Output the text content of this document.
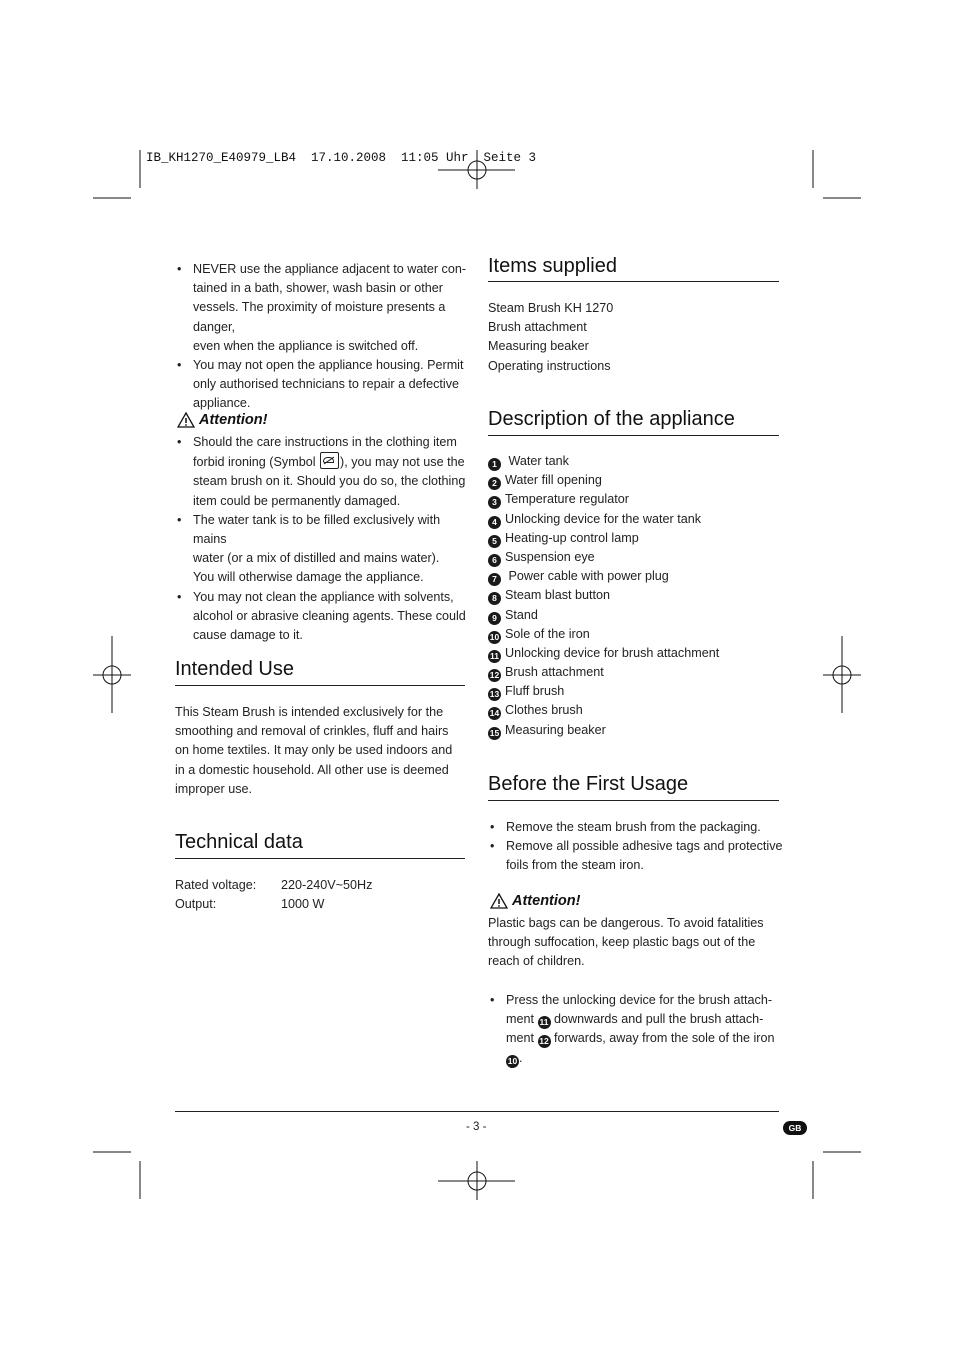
IB_KH1270_E40979_LB4  17.10.2008  11:05 Uhr  Seite 3
• NEVER use the appliance adjacent to water con-
tained in a bath, shower, wash basin or other
vessels. The proximity of moisture presents a danger,
even when the appliance is switched off.
• You may not open the appliance housing. Permit
only authorised technicians to repair a defective
appliance.
Attention!
• Should the care instructions in the clothing item
forbid ironing (Symbol ), you may not use the
steam brush on it. Should you do so, the clothing
item could be permanently damaged.
• The water tank is to be filled exclusively with mains
water (or a mix of distilled and mains water).
You will otherwise damage the appliance.
• You may not clean the appliance with solvents,
alcohol or abrasive cleaning agents. These could
cause damage to it.
Intended Use
This Steam Brush is intended exclusively for the
smoothing and removal of crinkles, fluff and hairs
on home textiles. It may only be used indoors and
in a domestic household. All other use is deemed
improper use.
Technical data
Rated voltage:	220-240V~50Hz
Output:	1000 W
Items supplied
Steam Brush KH 1270
Brush attachment
Measuring beaker
Operating instructions
Description of the appliance
1 Water tank
2 Water fill opening
3 Temperature regulator
4 Unlocking device for the water tank
5 Heating-up control lamp
6 Suspension eye
7 Power cable with power plug
8 Steam blast button
9 Stand
10 Sole of the iron
11 Unlocking device for brush attachment
12 Brush attachment
13 Fluff brush
14 Clothes brush
15 Measuring beaker
Before the First Usage
• Remove the steam brush from the packaging.
• Remove all possible adhesive tags and protective
foils from the steam iron.
Attention!
Plastic bags can be dangerous. To avoid fatalities
through suffocation, keep plastic bags out of the
reach of children.
• Press the unlocking device for the brush attach-
ment 11 downwards and pull the brush attach-
ment 12 forwards, away from the sole of the iron 10 .
- 3 -	GB
